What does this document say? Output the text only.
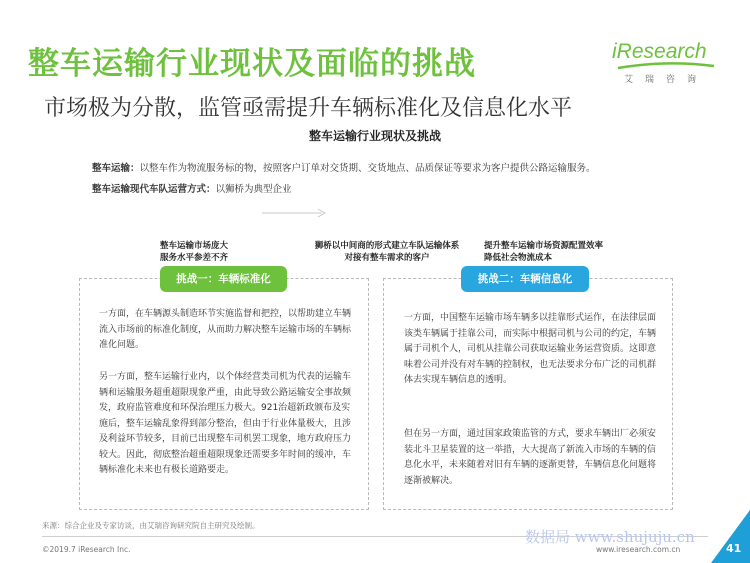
整车运输行业现状及面临的挑战
市场极为分散，监管亟需提升车辆标准化及信息化水平
iResearch
艾瑞咨询
整车运输行业现状及挑战
整车运输：以整车作为物流服务标的物，按照客户订单对交货期、交货地点、品质保证等要求为客户提供公路运输服务。
整车运输现代车队运营方式：以狮桥为典型企业
整车运输市场庞大
服务水平参差不齐
狮桥以中间商的形式建立车队运输体系
对接有整车需求的客户
提升整车运输市场资源配置效率
降低社会物流成本
挑战一：车辆标准化	挑战二：车辆信息化
一方面，在车辆源头制造环节实施监督和把控，以帮助建立车辆流入市场前的标准化制度，从而助力解决整车运输市场的车辆标准化问题。
另一方面，整车运输行业内，以个体经营类司机为代表的运输车辆和运输服务超重超限现象严重，由此导致公路运输安全事故频发，政府监管难度和环保治理压力极大。921治超新政颁布及实施后，整车运输乱象得到部分整治，但由于行业体量极大，且涉及利益环节较多，目前已出现整车司机罢工现象，地方政府压力较大。因此，彻底整治超重超限现象还需要多年时间的缓冲，车辆标准化未来也有极长道路要走。
一方面，中国整车运输市场车辆多以挂靠形式运作，在法律层面该类车辆属于挂靠公司，而实际中根据司机与公司的约定，车辆属于司机个人，司机从挂靠公司获取运输业务运营资质。这即意味着公司并没有对车辆的控制权，也无法要求分布广泛的司机群体去实现车辆信息的透明。
但在另一方面，通过国家政策监管的方式，要求车辆出厂必须安装北斗卫星装置的这一举措，大大提高了新流入市场的车辆的信息化水平，未来随着对旧有车辆的逐渐更替，车辆信息化问题将逐渐被解决。
来源：综合企业及专家访谈，由艾瑞咨询研究院自主研究及绘制。
©2019.7 iResearch Inc.	www.iresearch.com.cn
数据局 www.shujuju.cn
41
